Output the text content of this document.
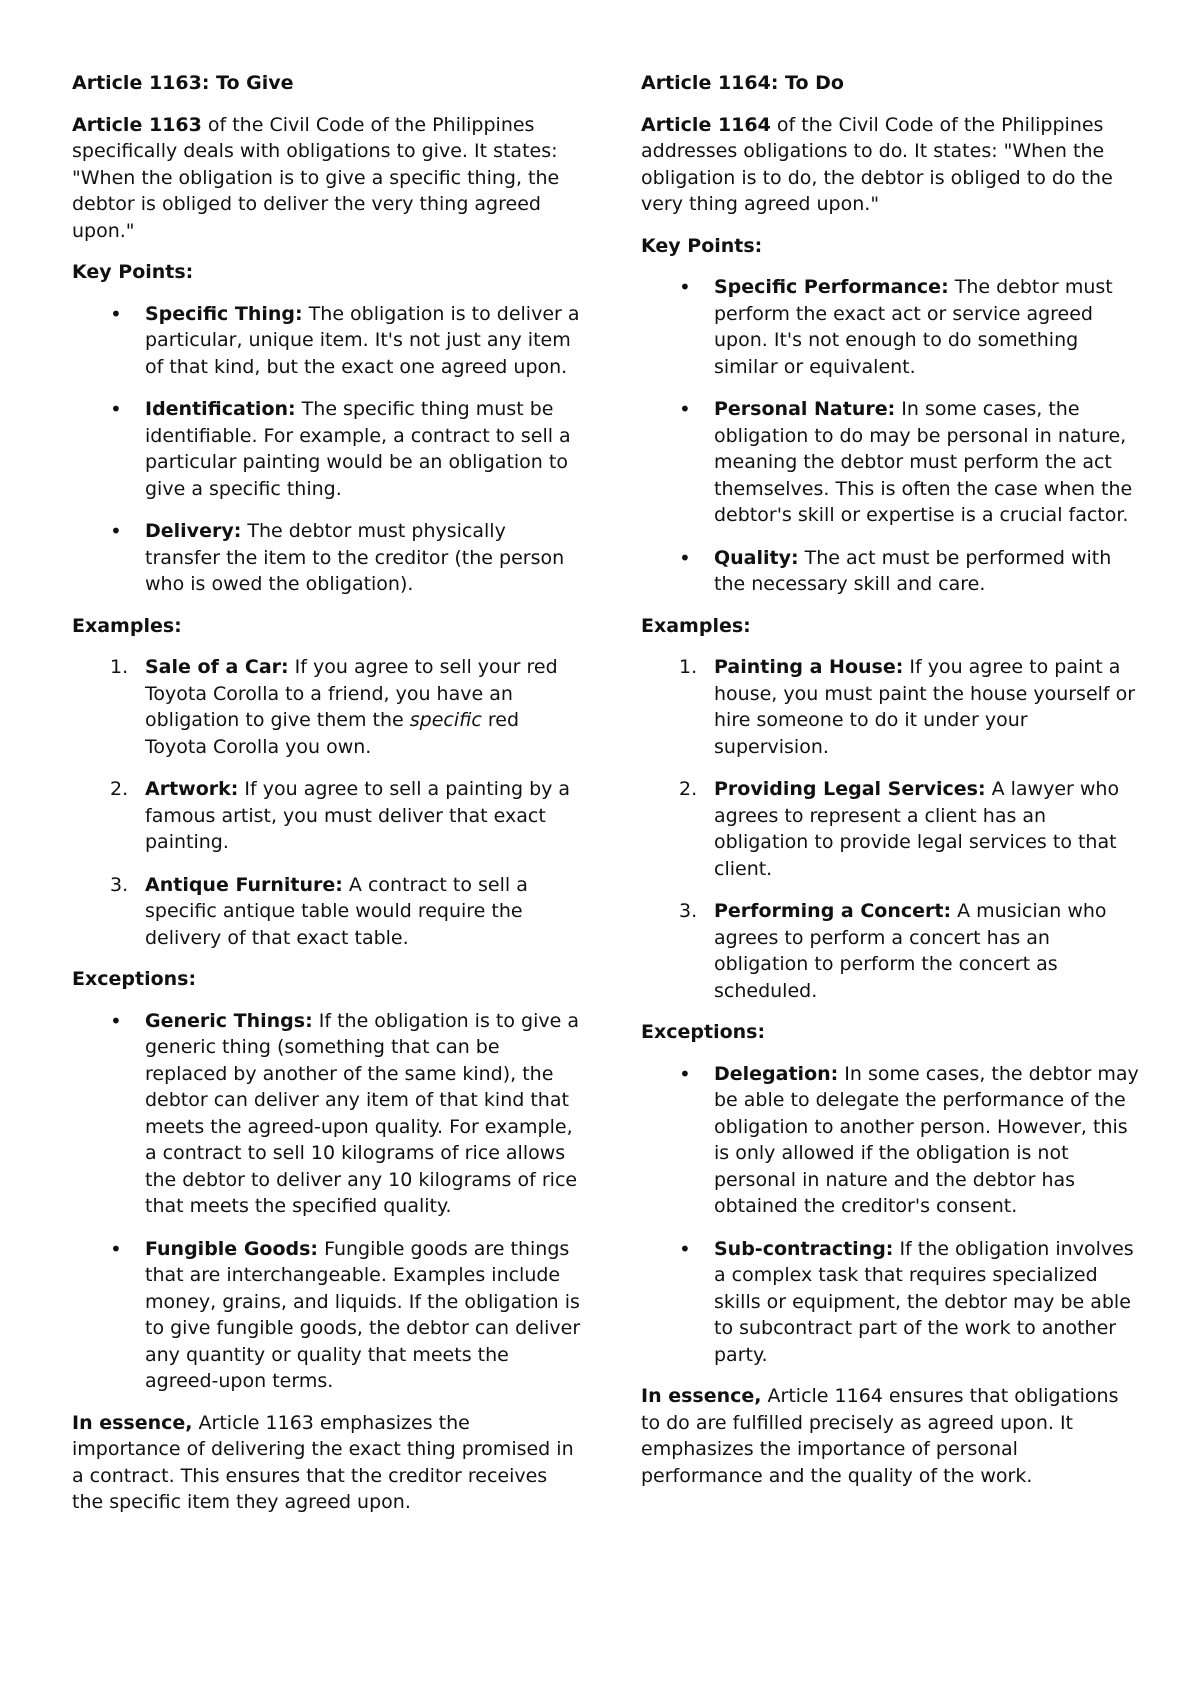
Article 1163: To Give

Article 1163 of the Civil Code of the Philippines specifically deals with obligations to give. It states: "When the obligation is to give a specific thing, the debtor is obliged to deliver the very thing agreed upon."

Key Points:
• Specific Thing: The obligation is to deliver a particular, unique item. It's not just any item of that kind, but the exact one agreed upon.
• Identification: The specific thing must be identifiable. For example, a contract to sell a particular painting would be an obligation to give a specific thing.
• Delivery: The debtor must physically transfer the item to the creditor (the person who is owed the obligation).
Examples:
1. Sale of a Car: If you agree to sell your red Toyota Corolla to a friend, you have an obligation to give them the specific red Toyota Corolla you own.
2. Artwork: If you agree to sell a painting by a famous artist, you must deliver that exact painting.
3. Antique Furniture: A contract to sell a specific antique table would require the delivery of that exact table.
Exceptions:
• Generic Things: If the obligation is to give a generic thing (something that can be replaced by another of the same kind), the debtor can deliver any item of that kind that meets the agreed-upon quality. For example, a contract to sell 10 kilograms of rice allows the debtor to deliver any 10 kilograms of rice that meets the specified quality.
• Fungible Goods: Fungible goods are things that are interchangeable. Examples include money, grains, and liquids. If the obligation is to give fungible goods, the debtor can deliver any quantity or quality that meets the agreed-upon terms.

In essence, Article 1163 emphasizes the importance of delivering the exact thing promised in a contract. This ensures that the creditor receives the specific item they agreed upon.

Article 1164: To Do

Article 1164 of the Civil Code of the Philippines addresses obligations to do. It states: "When the obligation is to do, the debtor is obliged to do the very thing agreed upon."

Key Points:
• Specific Performance: The debtor must perform the exact act or service agreed upon. It's not enough to do something similar or equivalent.
• Personal Nature: In some cases, the obligation to do may be personal in nature, meaning the debtor must perform the act themselves. This is often the case when the debtor's skill or expertise is a crucial factor.
• Quality: The act must be performed with the necessary skill and care.
Examples:
1. Painting a House: If you agree to paint a house, you must paint the house yourself or hire someone to do it under your supervision.
2. Providing Legal Services: A lawyer who agrees to represent a client has an obligation to provide legal services to that client.
3. Performing a Concert: A musician who agrees to perform a concert has an obligation to perform the concert as scheduled.
Exceptions:
• Delegation: In some cases, the debtor may be able to delegate the performance of the obligation to another person. However, this is only allowed if the obligation is not personal in nature and the debtor has obtained the creditor's consent.
• Sub-contracting: If the obligation involves a complex task that requires specialized skills or equipment, the debtor may be able to subcontract part of the work to another party.

In essence, Article 1164 ensures that obligations to do are fulfilled precisely as agreed upon. It emphasizes the importance of personal performance and the quality of the work.
